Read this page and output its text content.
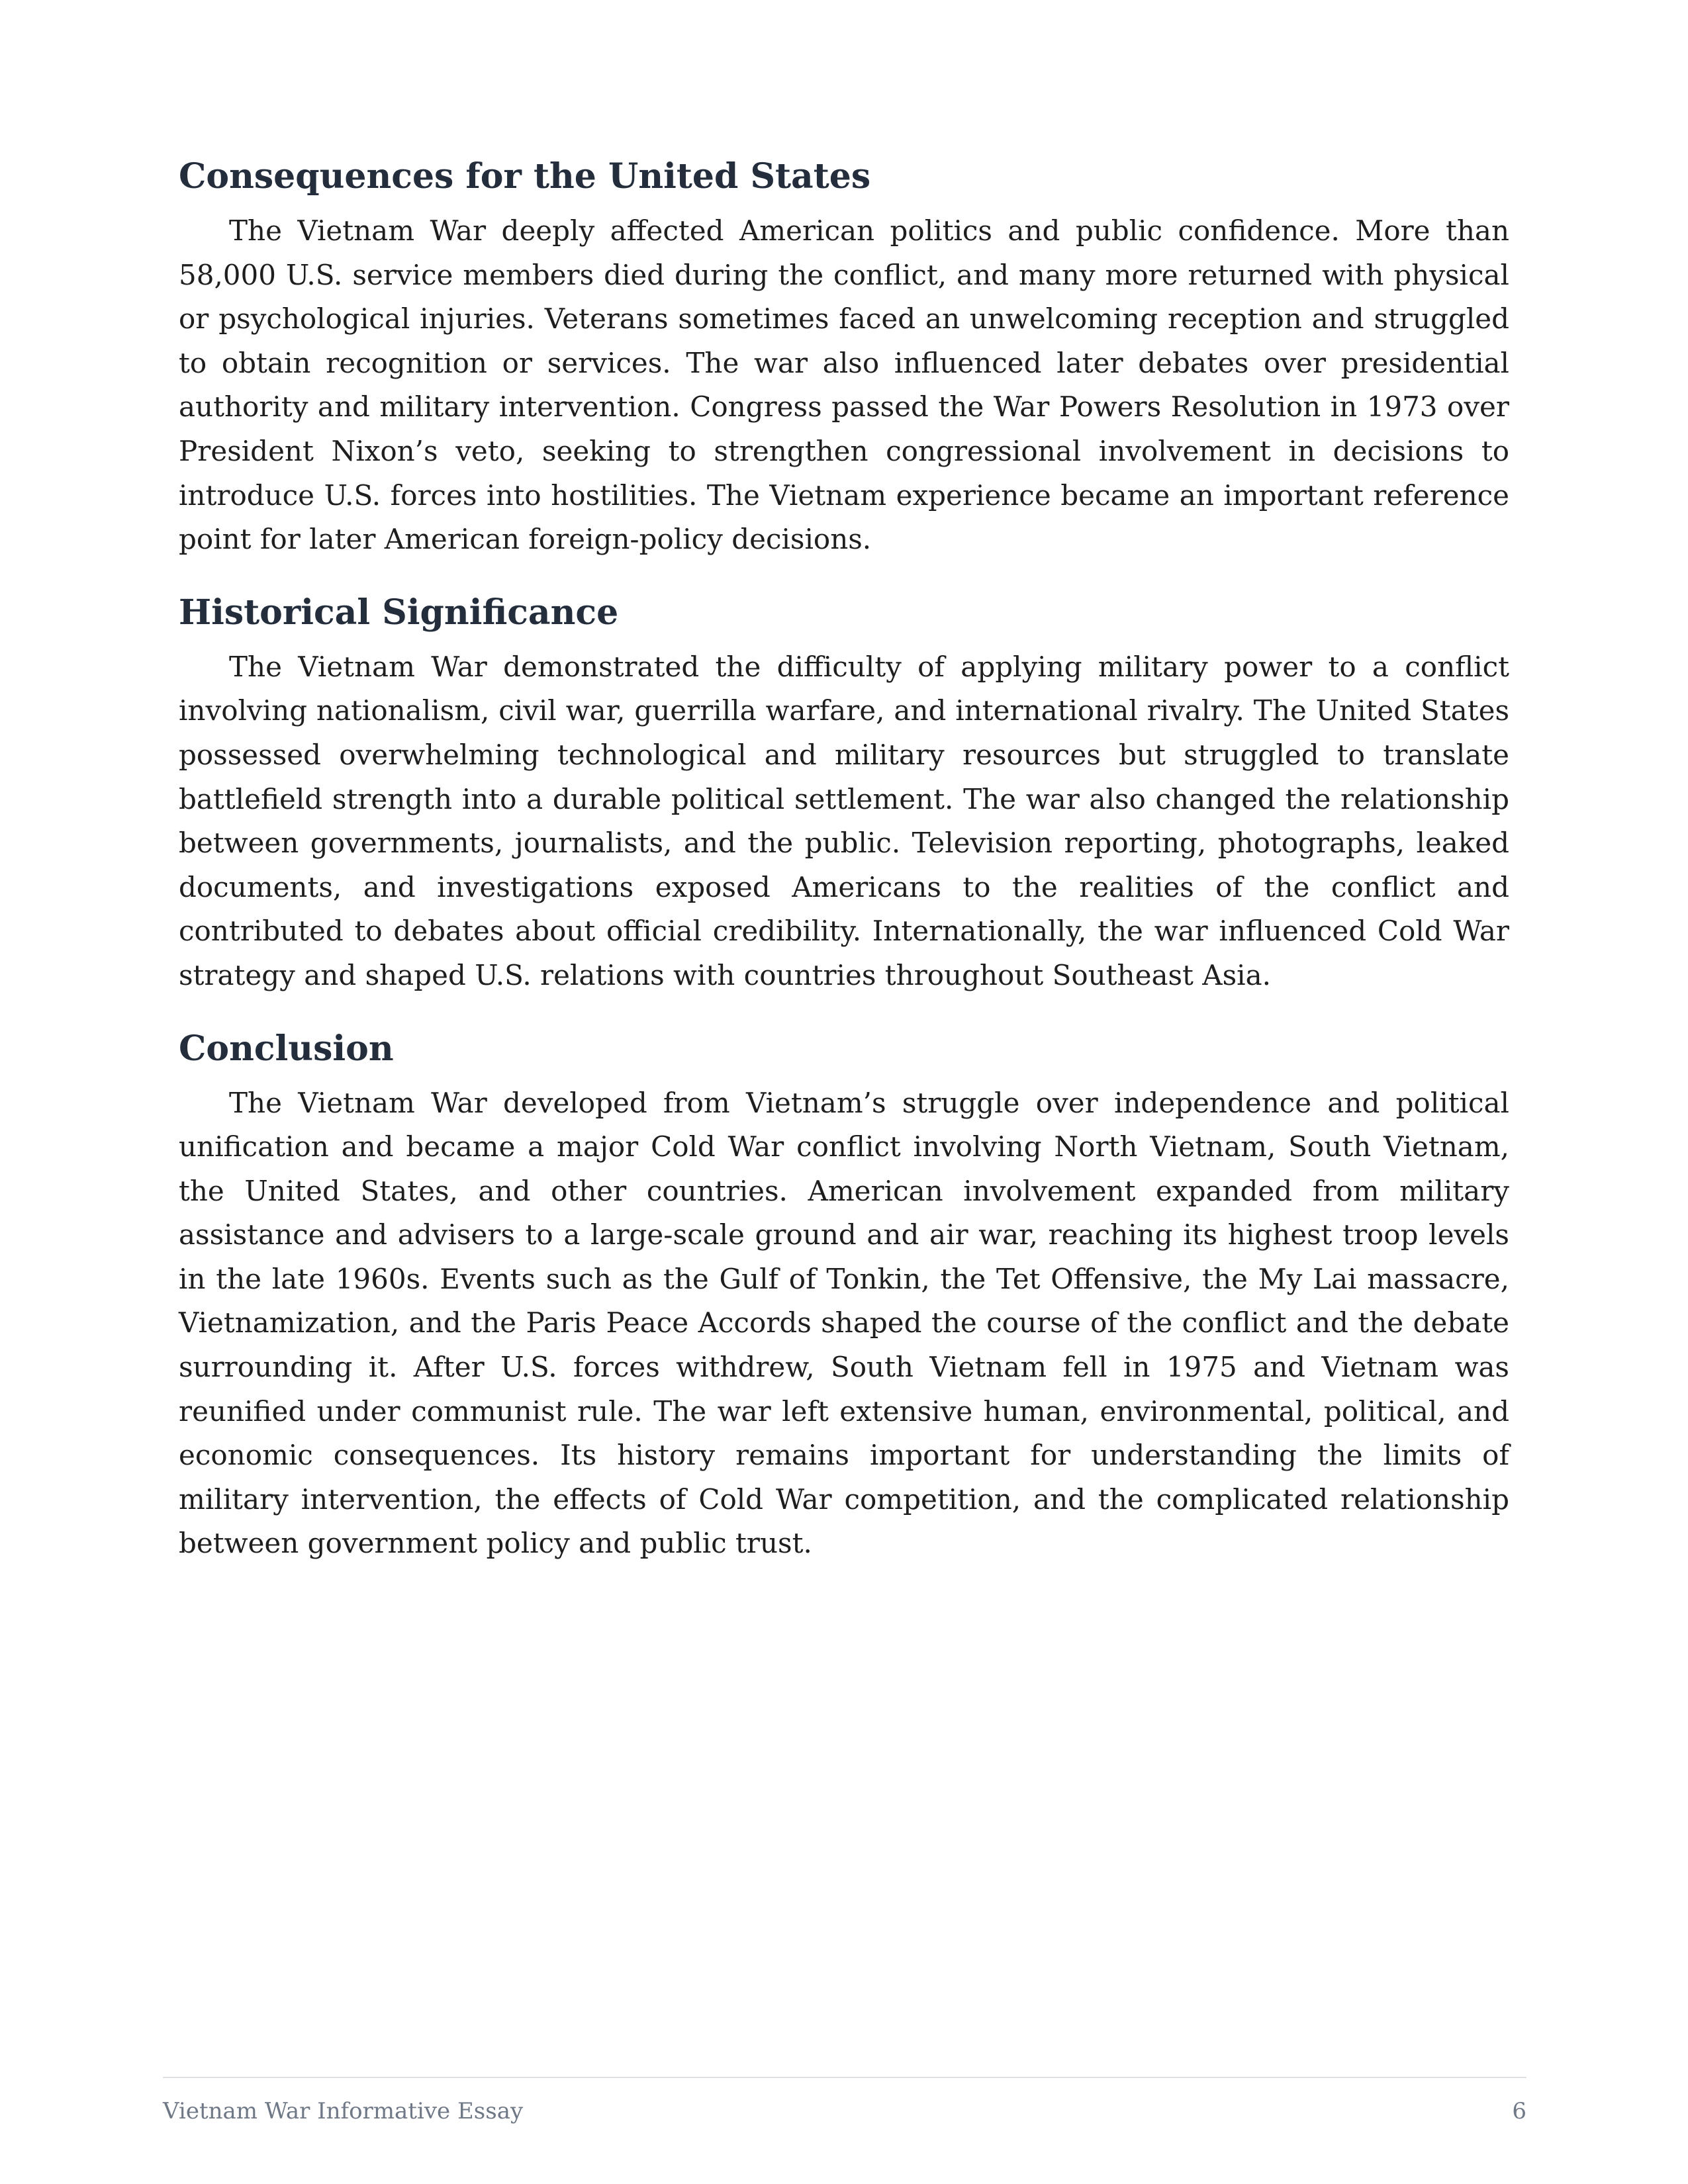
Consequences for the United States

The Vietnam War deeply affected American politics and public confidence. More than 58,000 U.S. service members died during the conflict, and many more returned with physical or psychological injuries. Veterans sometimes faced an unwelcoming reception and struggled to obtain recognition or services. The war also influenced later debates over presidential authority and military intervention. Congress passed the War Powers Resolution in 1973 over President Nixon’s veto, seeking to strengthen congressional involvement in decisions to introduce U.S. forces into hostilities. The Vietnam experience became an important reference point for later American foreign-policy decisions.

Historical Significance

The Vietnam War demonstrated the difficulty of applying military power to a conflict involving nationalism, civil war, guerrilla warfare, and international rivalry. The United States possessed overwhelming technological and military resources but struggled to translate battlefield strength into a durable political settlement. The war also changed the relationship between governments, journalists, and the public. Television reporting, photographs, leaked documents, and investigations exposed Americans to the realities of the conflict and contributed to debates about official credibility. Internationally, the war influenced Cold War strategy and shaped U.S. relations with countries throughout Southeast Asia.

Conclusion

The Vietnam War developed from Vietnam’s struggle over independence and political unification and became a major Cold War conflict involving North Vietnam, South Vietnam, the United States, and other countries. American involvement expanded from military assistance and advisers to a large-scale ground and air war, reaching its highest troop levels in the late 1960s. Events such as the Gulf of Tonkin, the Tet Offensive, the My Lai massacre, Vietnamization, and the Paris Peace Accords shaped the course of the conflict and the debate surrounding it. After U.S. forces withdrew, South Vietnam fell in 1975 and Vietnam was reunified under communist rule. The war left extensive human, environmental, political, and economic consequences. Its history remains important for understanding the limits of military intervention, the effects of Cold War competition, and the complicated relationship between government policy and public trust.

Vietnam War Informative Essay	6
